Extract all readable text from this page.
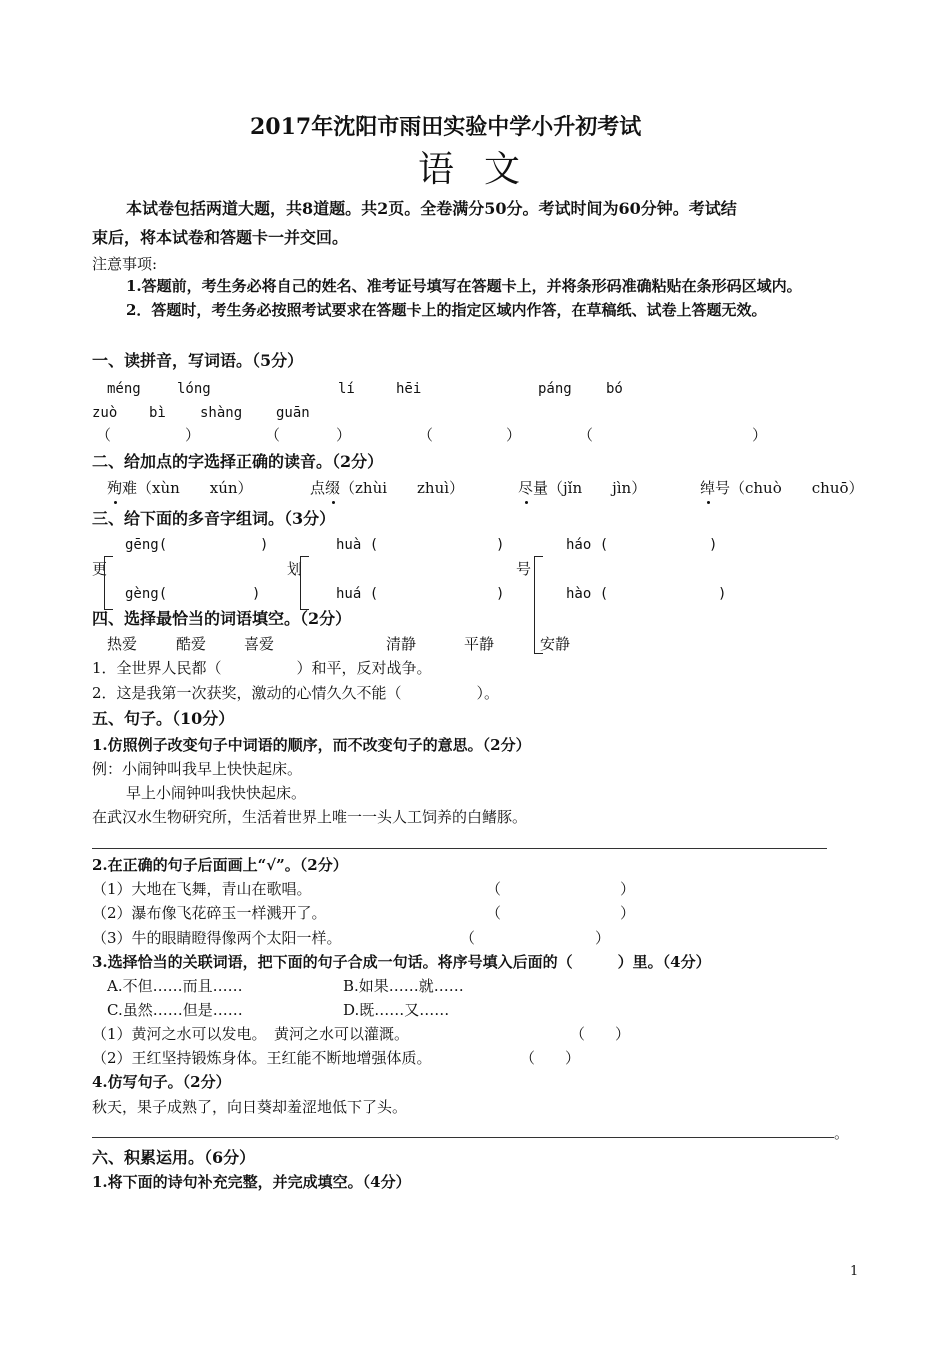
2017年沈阳市雨田实验中学小升初考试
语文
本试卷包括两道大题，共8道题。共2页。全卷满分50分。考试时间为60分钟。考试结
束后，将本试卷和答题卡一并交回。
注意事项:
1.答题前，考生务必将自己的姓名、准考证号填写在答题卡上，并将条形码准确粘贴在条形码区域内。
2．答题时，考生务必按照考试要求在答题卡上的指定区域内作答，在草稿纸、试卷上答题无效。
一、读拼音，写词语。（5分）
méng	lóng	lí	hēi	páng bó
zuò bì shàng guān
（	）	（	）	（	）	（	）
二、给加点的字选择正确的读音。（2分）
殉难（xùn　　xún）	点缀（zhùi　　zhuì）	尽量（jǐn　　jìn）	绰号（chuò　　chuō）
三、给下面的多音字组词。（3分）
gēng(	)	huà (	)	háo (	)
更	划	号
gèng(	)	huá (	)	hào (	)
四、选择最恰当的词语填空。（2分）
热爱	酷爱	喜爱	清静	平静	安静
1．全世界人民都（　　　　　）和平，反对战争。
2．这是我第一次获奖，激动的心情久久不能（　　　　　）。
五、句子。（10分）
1.仿照例子改变句子中词语的顺序，而不改变句子的意思。（2分）
例：小闹钟叫我早上快快起床。
早上小闹钟叫我快快起床。
在武汉水生物研究所，生活着世界上唯一一头人工饲养的白鳍豚。
2.在正确的句子后面画上“√”。（2分）
（1）大地在飞舞，青山在歌唱。	（	）
（2）瀑布像飞花碎玉一样溅开了。	（	）
（3）牛的眼睛瞪得像两个太阳一样。	（	）
3.选择恰当的关联词语，把下面的句子合成一句话。将序号填入后面的（　　　）里。（4分）
A.不但……而且……	B.如果……就……
C.虽然……但是……	D.既……又……
（1）黄河之水可以发电。　黄河之水可以灌溉。	（　　）
（2）王红坚持锻炼身体。王红能不断地增强体质。	（　　）
4.仿写句子。（2分）
秋天，果子成熟了，向日葵却羞涩地低下了头。
。
六、积累运用。（6分）
1.将下面的诗句补充完整，并完成填空。（4分）
1
